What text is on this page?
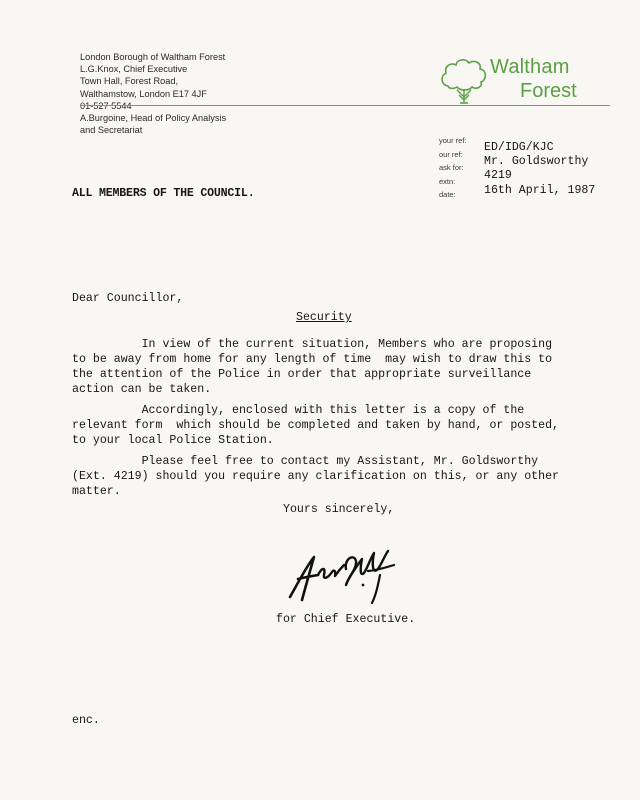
London Borough of Waltham Forest
L.G.Knox, Chief Executive
Town Hall, Forest Road,
Walthamstow, London E17 4JF
A.Burgoine, Head of Policy Analysis
and Secretariat
Waltham
Forest
your ref:
our ref:
ask for:
extn:
date:
ED/IDG/KJC
Mr. Goldsworthy
4219
16th April, 1987
ALL MEMBERS OF THE COUNCIL.
Dear Councillor,
Security
In view of the current situation, Members who are proposing
to be away from home for any length of time  may wish to draw this to
the attention of the Police in order that appropriate surveillance
action can be taken.
Accordingly, enclosed with this letter is a copy of the
relevant form  which should be completed and taken by hand, or posted,
to your local Police Station.
Please feel free to contact my Assistant, Mr. Goldsworthy
(Ext. 4219) should you require any clarification on this, or any other
matter.
Yours sincerely,
for Chief Executive.
enc.
